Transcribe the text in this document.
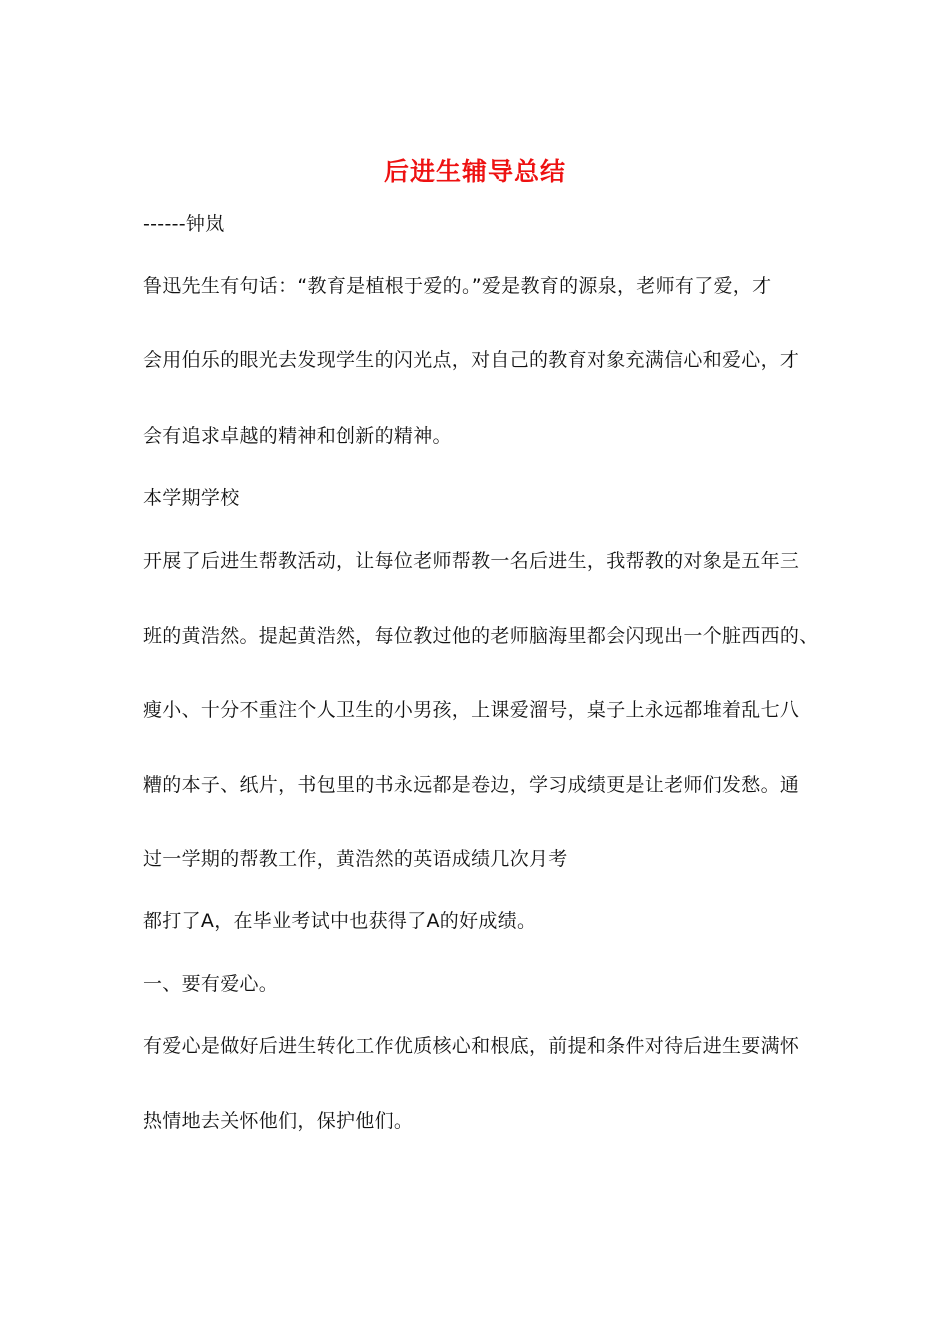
后进生辅导总结
------钟岚
鲁迅先生有句话：“教育是植根于爱的。”爱是教育的源泉，老师有了爱，才
会用伯乐的眼光去发现学生的闪光点，对自己的教育对象充满信心和爱心，才
会有追求卓越的精神和创新的精神。
本学期学校
开展了后进生帮教活动，让每位老师帮教一名后进生，我帮教的对象是五年三
班的黄浩然。提起黄浩然，每位教过他的老师脑海里都会闪现出一个脏西西的、
瘦小、十分不重注个人卫生的小男孩，上课爱溜号，桌子上永远都堆着乱七八
糟的本子、纸片，书包里的书永远都是卷边，学习成绩更是让老师们发愁。通
过一学期的帮教工作，黄浩然的英语成绩几次月考
都打了A，在毕业考试中也获得了A的好成绩。
一、要有爱心。
有爱心是做好后进生转化工作优质核心和根底，前提和条件对待后进生要满怀
热情地去关怀他们，保护他们。
